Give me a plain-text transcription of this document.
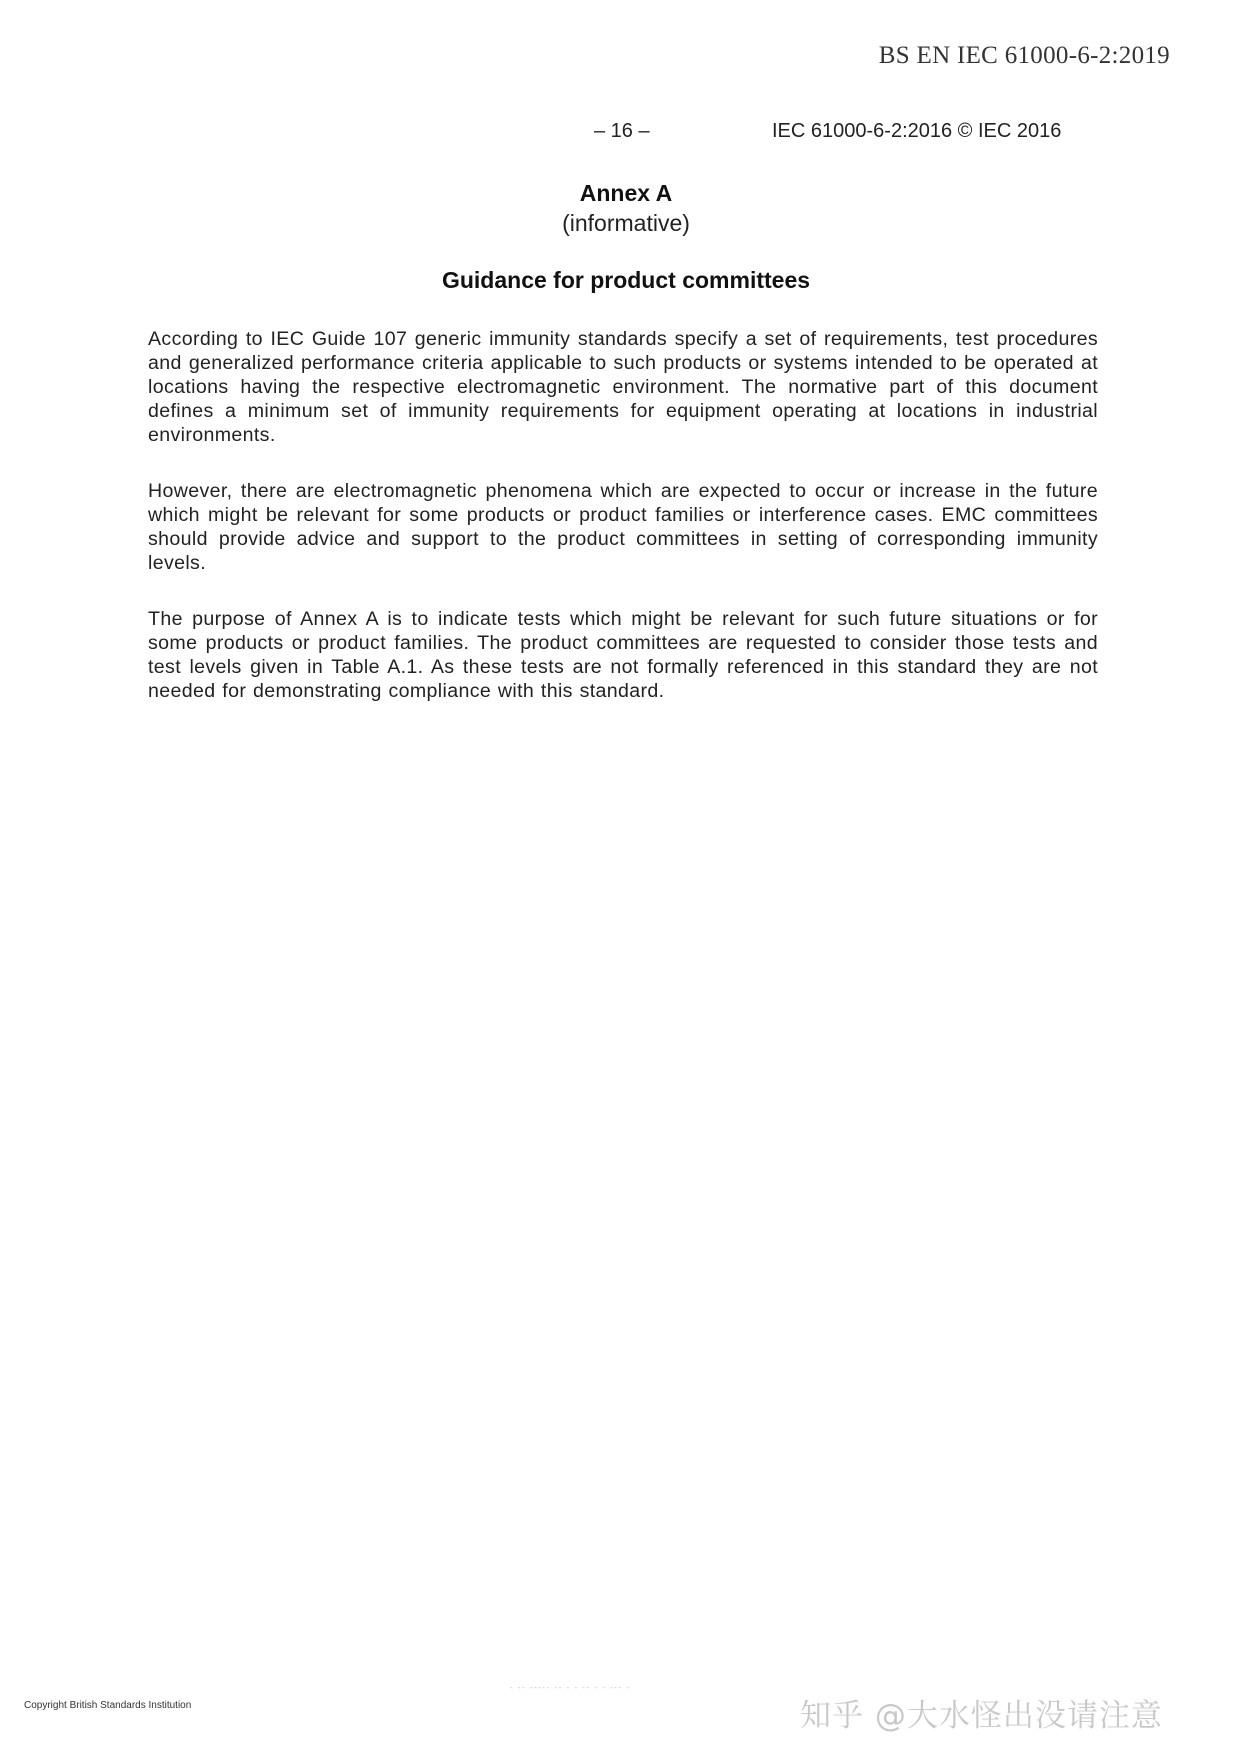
BS EN IEC 61000-6-2:2019
– 16 –	IEC 61000-6-2:2016 © IEC 2016
Annex A
(informative)
Guidance for product committees

According to IEC Guide 107 generic immunity standards specify a set of requirements, test procedures and generalized performance criteria applicable to such products or systems intended to be operated at locations having the respective electromagnetic environment. The normative part of this document defines a minimum set of immunity requirements for equipment operating at locations in industrial environments.

However, there are electromagnetic phenomena which are expected to occur or increase in the future which might be relevant for some products or product families or interference cases. EMC committees should provide advice and support to the product committees in setting of corresponding immunity levels.

The purpose of Annex A is to indicate tests which might be relevant for such future situations or for some products or product families. The product committees are requested to consider those tests and test levels given in Table A.1. As these tests are not formally referenced in this standard they are not needed for demonstrating compliance with this standard.

- -- ----- -- - - -- - - --- -
Copyright British Standards Institution	知乎 @大水怪出没请注意
